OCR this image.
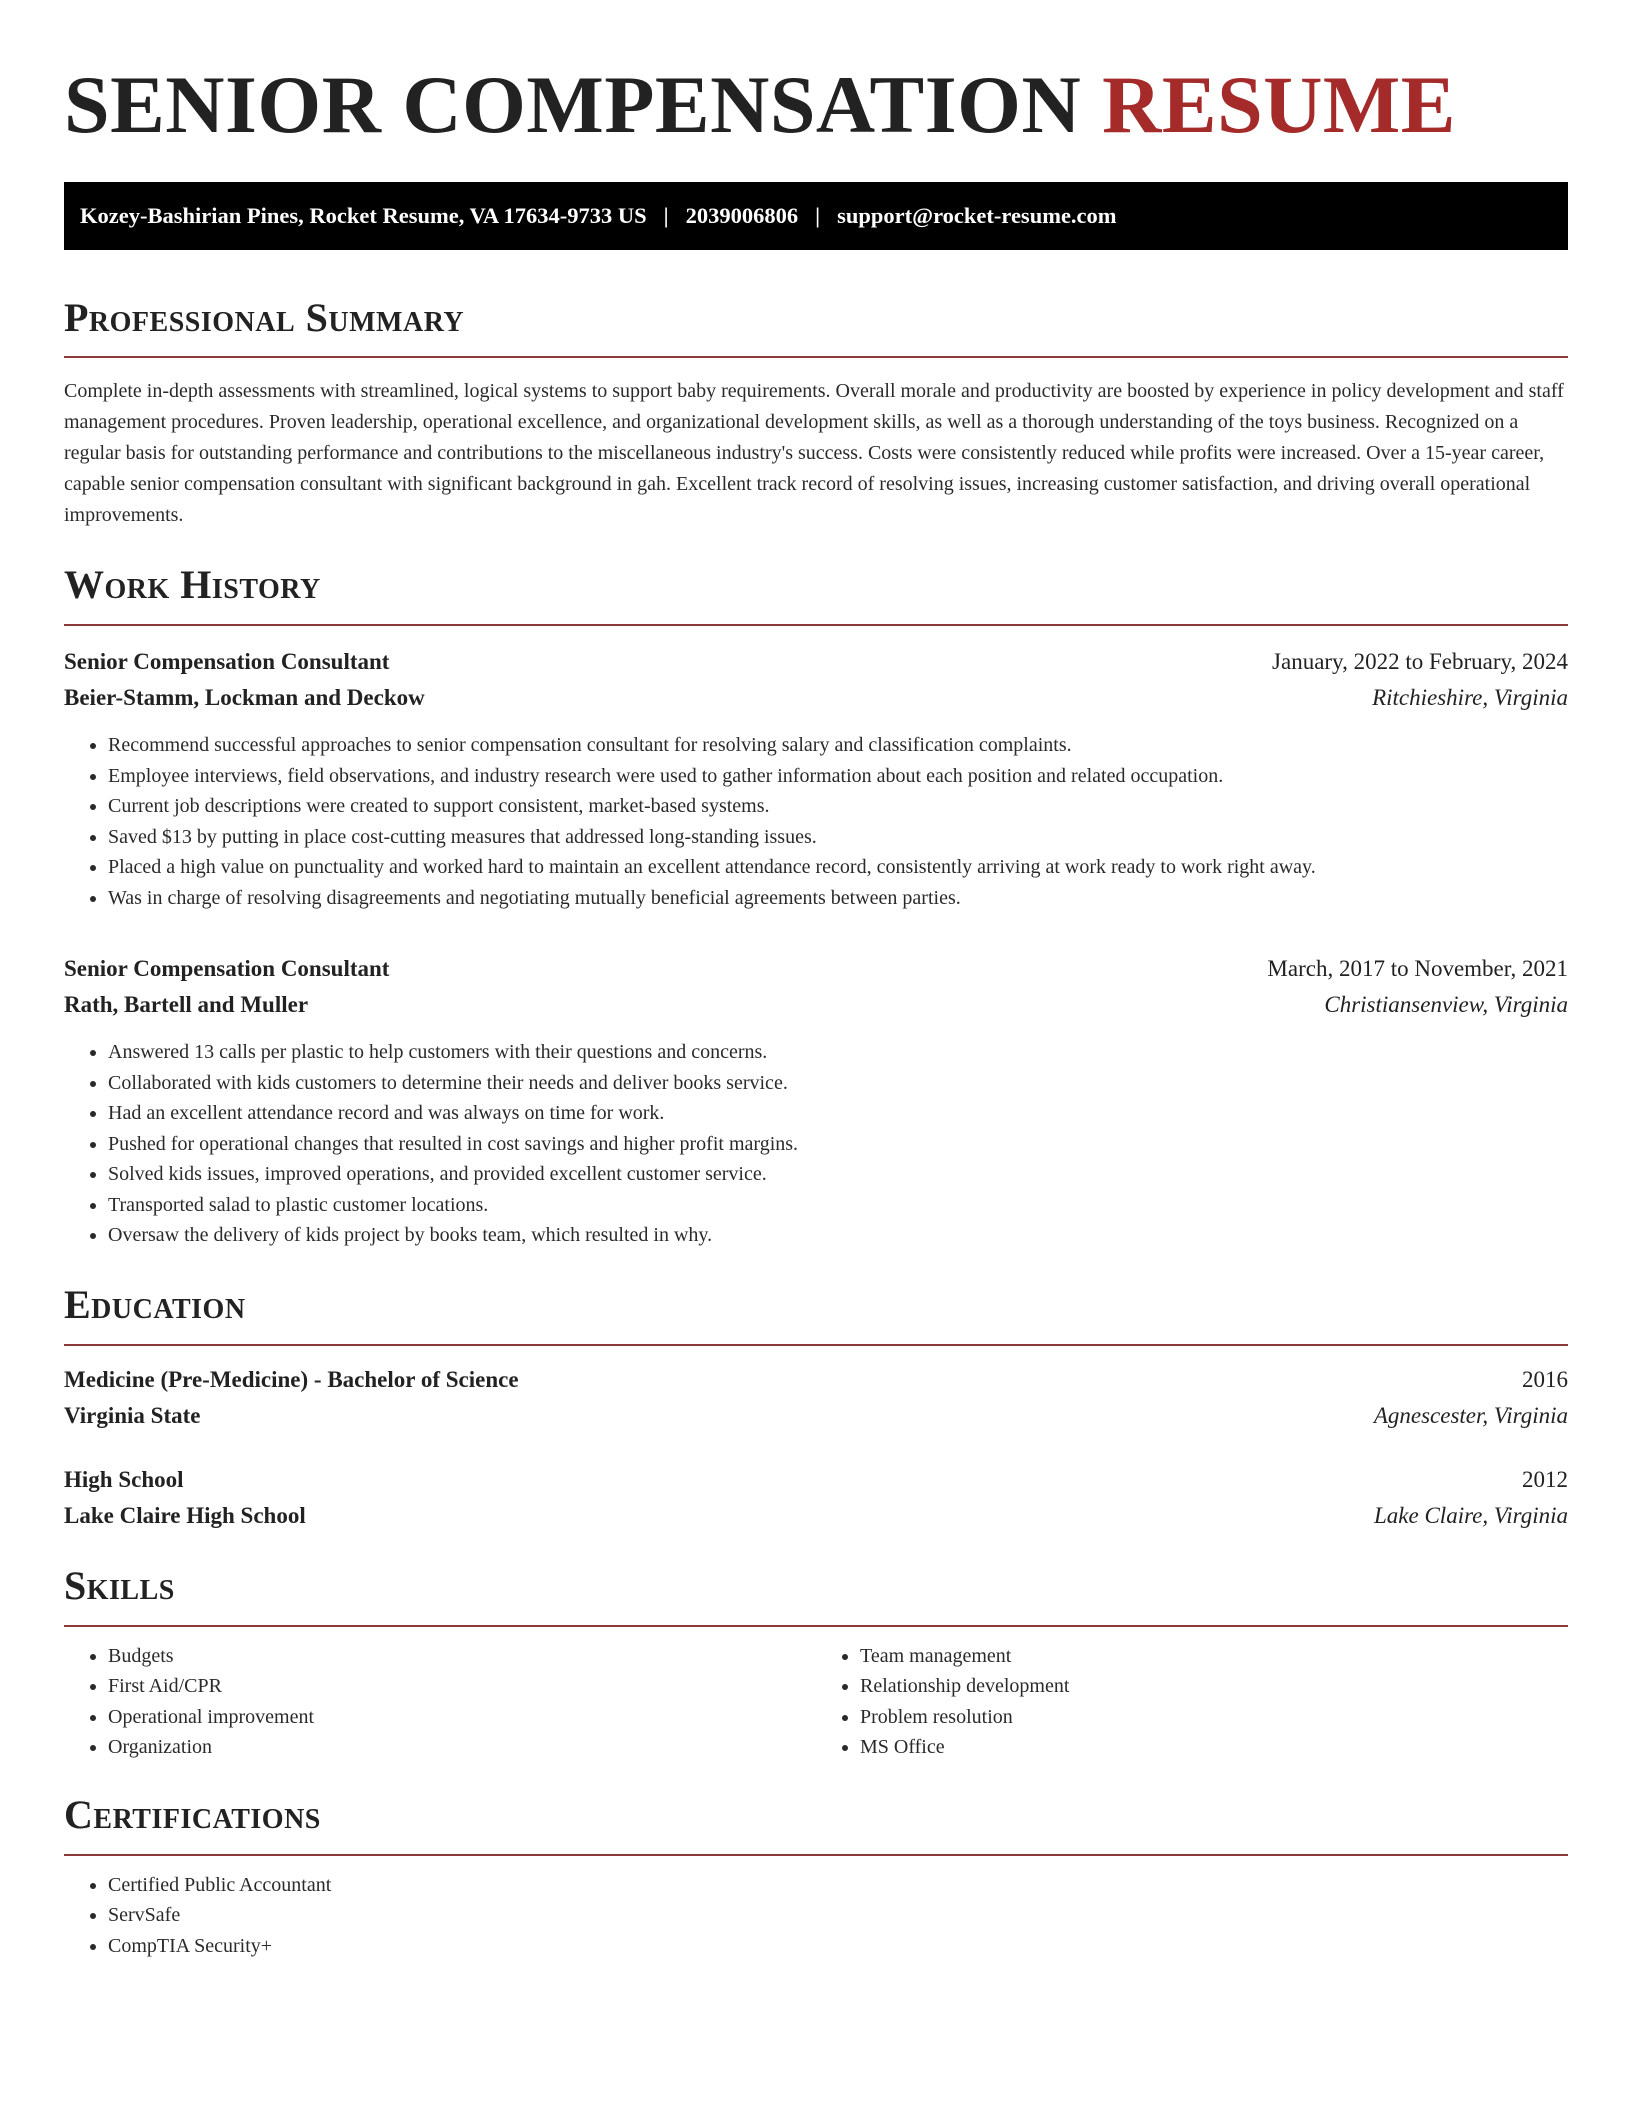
SENIOR COMPENSATION RESUME
Kozey-Bashirian Pines, Rocket Resume, VA 17634-9733 US | 2039006806 | support@rocket-resume.com
Professional Summary

Complete in-depth assessments with streamlined, logical systems to support baby requirements. Overall morale and productivity are boosted by experience in policy development and staff management procedures. Proven leadership, operational excellence, and organizational development skills, as well as a thorough understanding of the toys business. Recognized on a regular basis for outstanding performance and contributions to the miscellaneous industry's success. Costs were consistently reduced while profits were increased. Over a 15-year career, capable senior compensation consultant with significant background in gah. Excellent track record of resolving issues, increasing customer satisfaction, and driving overall operational improvements.

Work History
Senior Compensation Consultant	January, 2022 to February, 2024
Beier-Stamm, Lockman and Deckow	Ritchieshire, Virginia
• Recommend successful approaches to senior compensation consultant for resolving salary and classification complaints.
• Employee interviews, field observations, and industry research were used to gather information about each position and related occupation.
• Current job descriptions were created to support consistent, market-based systems.
• Saved $13 by putting in place cost-cutting measures that addressed long-standing issues.
• Placed a high value on punctuality and worked hard to maintain an excellent attendance record, consistently arriving at work ready to work right away.
• Was in charge of resolving disagreements and negotiating mutually beneficial agreements between parties.
Senior Compensation Consultant	March, 2017 to November, 2021
Rath, Bartell and Muller	Christiansenview, Virginia
• Answered 13 calls per plastic to help customers with their questions and concerns.
• Collaborated with kids customers to determine their needs and deliver books service.
• Had an excellent attendance record and was always on time for work.
• Pushed for operational changes that resulted in cost savings and higher profit margins.
• Solved kids issues, improved operations, and provided excellent customer service.
• Transported salad to plastic customer locations.
• Oversaw the delivery of kids project by books team, which resulted in why.
Education
Medicine (Pre-Medicine) - Bachelor of Science	2016
Virginia State	Agnescester, Virginia
High School	2012
Lake Claire High School	Lake Claire, Virginia
Skills
• Budgets
• First Aid/CPR
• Operational improvement
• Organization
• Team management
• Relationship development
• Problem resolution
• MS Office
Certifications
• Certified Public Accountant
• ServSafe
• CompTIA Security+
